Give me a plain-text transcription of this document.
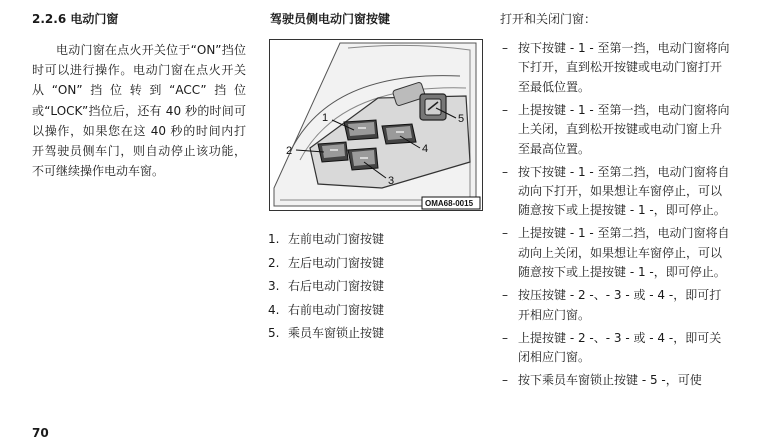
2.2.6 电动门窗

电动门窗在点火开关位于“ON”挡位时可以进行操作。电动门窗在点火开关从“ON”挡位转到“ACC”挡位或“LOCK”挡位后，还有 40 秒的时间可以操作，如果您在这 40 秒的时间内打开驾驶员侧车门，则自动停止该功能，不可继续操作电动车窗。

驾驶员侧电动门窗按键
1
2
3
4
5
OMA68-0015
1. 左前电动门窗按键
2. 左后电动门窗按键
3. 右后电动门窗按键
4. 右前电动门窗按键
5. 乘员车窗锁止按键
打开和关闭门窗：
– 按下按键 - 1 - 至第一挡，电动门窗将向下打开，直到松开按键或电动门窗打开至最低位置。
– 上提按键 - 1 - 至第一挡，电动门窗将向上关闭，直到松开按键或电动门窗上升至最高位置。
– 按下按键 - 1 - 至第二挡，电动门窗将自动向下打开，如果想让车窗停止，可以随意按下或上提按键 - 1 -，即可停止。
– 上提按键 - 1 - 至第二挡，电动门窗将自动向上关闭，如果想让车窗停止，可以随意按下或上提按键 - 1 -，即可停止。
– 按压按键 - 2 -、- 3 - 或 - 4 -，即可打开相应门窗。
– 上提按键 - 2 -、- 3 - 或 - 4 -，即可关闭相应门窗。
– 按下乘员车窗锁止按键 - 5 -，可使
70
